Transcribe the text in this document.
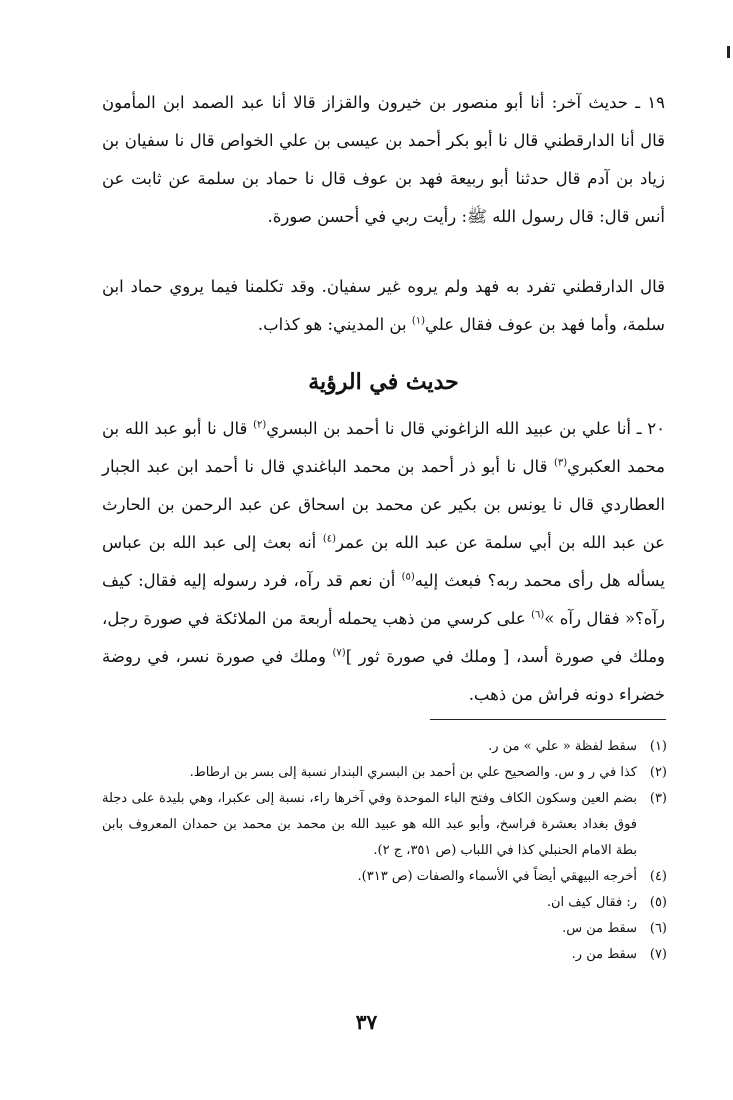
١٩ ـ حديث آخر: أنا أبو منصور بن خيرون والقزاز قالا أنا عبد الصمد ابن المأمون قال أنا الدارقطني قال نا أبو بكر أحمد بن عيسى بن علي الخواص قال نا سفيان بن زياد بن آدم قال حدثنا أبو ربيعة فهد بن عوف قال نا حماد بن سلمة عن ثابت عن أنس قال: قال رسول الله ﷺ: رأيت ربي في أحسن صورة.

قال الدارقطني تفرد به فهد ولم يروه غير سفيان. وقد تكلمنا فيما يروي حماد ابن سلمة، وأما فهد بن عوف فقال علي$^{(١)}$ بن المديني: هو كذاب.

حديث في الرؤية

٢٠ ـ أنا علي بن عبيد الله الزاغوني قال نا أحمد بن البسري$^{(٢)}$ قال نا أبو عبد الله بن محمد العكبري$^{(٣)}$ قال نا أبو ذر أحمد بن محمد الباغندي قال نا أحمد ابن عبد الجبار العطاردي قال نا يونس بن بكير عن محمد بن اسحاق عن عبد الرحمن بن الحارث عن عبد الله بن أبي سلمة عن عبد الله بن عمر$^{(٤)}$ أنه بعث إلى عبد الله بن عباس يسأله هل رأى محمد ربه؟ فبعث إليه$^{(٥)}$ أن نعم قد رآه، فرد رسوله إليه فقال: كيف رآه؟« فقال رآه »$^{(٦)}$ على كرسي من ذهب يحمله أربعة من الملائكة في صورة رجل، وملك في صورة أسد، [ وملك في صورة ثور ]$^{(٧)}$ وملك في صورة نسر، في روضة خضراء دونه فراش من ذهب.

(١)
سقط لفظة « علي » من ر.
(٢)
كذا في ر و س. والصحيح علي بن أحمد بن البسري البندار نسبة إلى بسر بن ارطاط.
(٣)
بضم العين وسكون الكاف وفتح الباء الموحدة وفي آخرها راء، نسبة إلى عكبرا، وهي بليدة على دجلة فوق بغداد بعشرة فراسخ، وأبو عبد الله هو عبيد الله بن محمد بن محمد بن حمدان المعروف بابن بطة الامام الحنبلي كذا في اللباب (ص ٣٥١، ج ٢).
(٤)
أخرجه البيهقي أيضاً في الأسماء والصفات (ص ٣١٣).
(٥)
ر: فقال كيف ان.
(٦)
سقط من س.
(٧)
سقط من ر.
٣٧
